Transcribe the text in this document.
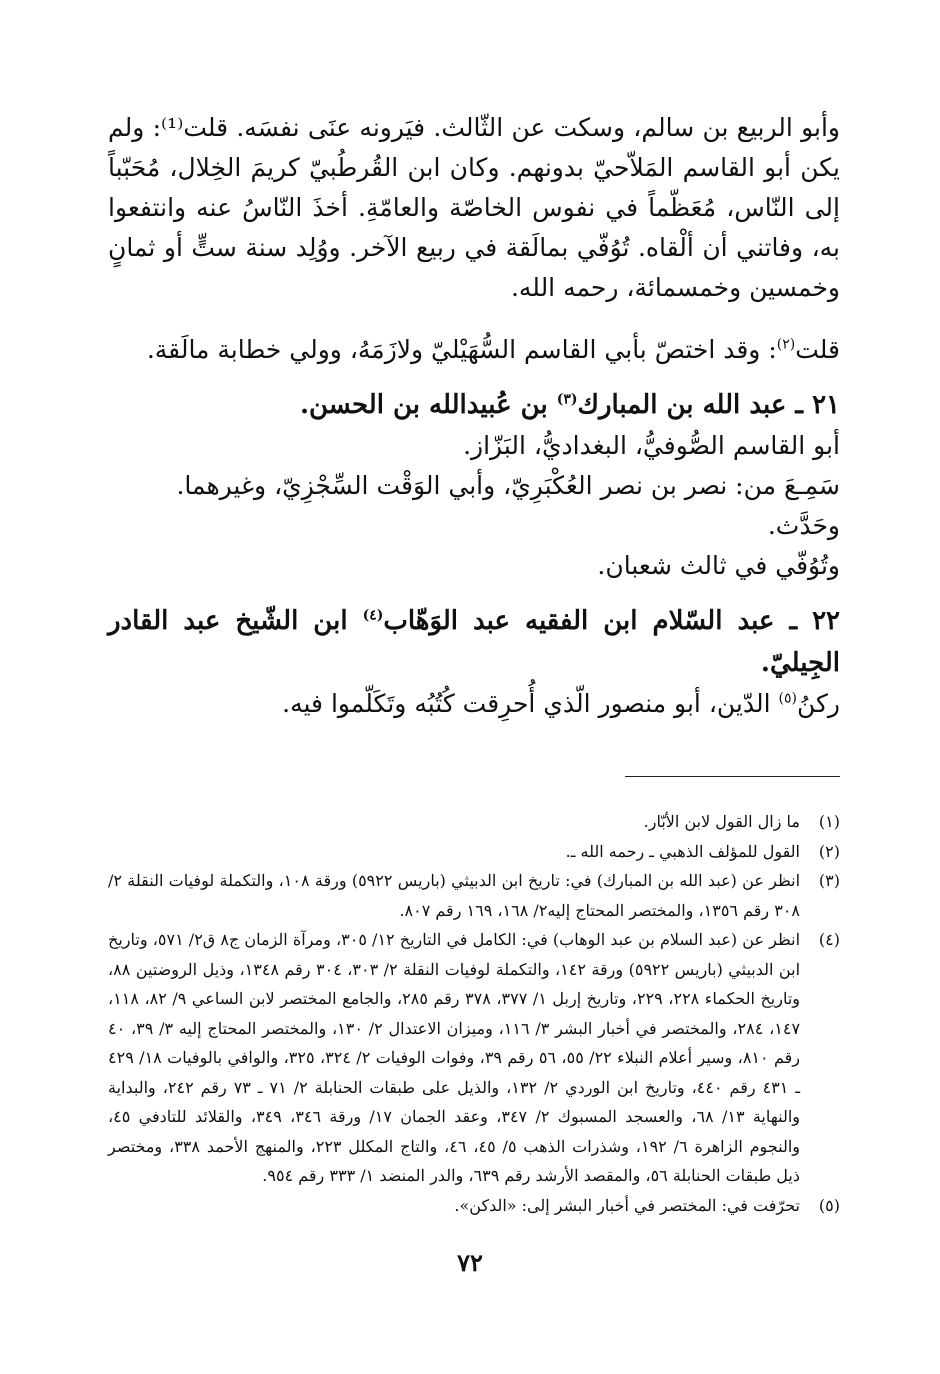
وأبو الربيع بن سالم، وسكت عن الثّالث. فيَرونه عنَى نفسَه. قلت⁽¹⁾: ولم يكن أبو القاسم المَلاّحيّ بدونهم. وكان ابن القُرطُبيّ كريمَ الخِلال، مُحَبّباً إلى النّاس، مُعَظّماً في نفوس الخاصّة والعامّةِ. أخذَ النّاسُ عنه وانتفعوا به، وفاتني أن ألْقاه. تُوُفّي بمالَقة في ربيع الآخر. ووُلِد سنة ستٍّ أو ثمانٍ وخمسين وخمسمائة، رحمه الله.

قلت$^{(٢)}$: وقد اختصّ بأبي القاسم السُّهَيْليّ ولازَمَهُ، وولي خطابة مالَقة.

٢١ ـ عبد الله بن المبارك$^{(٣)}$ بن عُبيدالله بن الحسن.

أبو القاسم الصُّوفيُّ، البغداديُّ، البَزّاز.

سَمِـعَ من: نصر بن نصر العُكْبَرِيّ، وأبي الوَقْت السِّجْزِيّ، وغيرهما.

وحَدَّث.

وتُوُفّي في ثالث شعبان.

٢٢ ـ عبد السّلام ابن الفقيه عبد الوَهّاب$^{(٤)}$ ابن الشّيخ عبد القادر الجِيليّ.

ركنُ$^{(٥)}$ الدّين، أبو منصور الّذي أُحرِقت كُتُبُه وتَكَلّموا فيه.

(١)
ما زال القول لابن الأبّار.
(٢)
القول للمؤلف الذهبي ـ رحمه الله ـ.
(٣)
انظر عن (عبد الله بن المبارك) في: تاريخ ابن الدبيثي (باريس ٥٩٢٢) ورقة ١٠٨، والتكملة لوفيات النقلة ٢/ ٣٠٨ رقم ١٣٥٦، والمختصر المحتاج إليه٢/ ١٦٨، ١٦٩ رقم ٨٠٧.
(٤)
انظر عن (عبد السلام بن عبد الوهاب) في: الكامل في التاريخ ١٢/ ٣٠٥، ومرآة الزمان ج٨ ق٢/ ٥٧١، وتاريخ ابن الدبيثي (باريس ٥٩٢٢) ورقة ١٤٢، والتكملة لوفيات النقلة ٢/ ٣٠٣، ٣٠٤ رقم ١٣٤٨، وذيل الروضتين ٨٨، وتاريخ الحكماء ٢٢٨، ٢٢٩، وتاريخ إربل ١/ ٣٧٧، ٣٧٨ رقم ٢٨٥، والجامع المختصر لابن الساعي ٩/ ٨٢، ١١٨، ١٤٧، ٢٨٤، والمختصر في أخبار البشر ٣/ ١١٦، وميزان الاعتدال ٢/ ١٣٠، والمختصر المحتاج إليه ٣/ ٣٩، ٤٠ رقم ٨١٠، وسير أعلام النبلاء ٢٢/ ٥٥، ٥٦ رقم ٣٩، وفوات الوفيات ٢/ ٣٢٤، ٣٢٥، والوافي بالوفيات ١٨/ ٤٢٩ ـ ٤٣١ رقم ٤٤٠، وتاريخ ابن الوردي ٢/ ١٣٢، والذيل على طبقات الحنابلة ٢/ ٧١ ـ ٧٣ رقم ٢٤٢، والبداية والنهاية ١٣/ ٦٨، والعسجد المسبوك ٢/ ٣٤٧، وعقد الجمان ١٧/ ورقة ٣٤٦، ٣٤٩، والقلائد للتادفي ٤٥، والنجوم الزاهرة ٦/ ١٩٢، وشذرات الذهب ٥/ ٤٥، ٤٦، والتاج المكلل ٢٢٣، والمنهج الأحمد ٣٣٨، ومختصر ذيل طبقات الحنابلة ٥٦، والمقصد الأرشد رقم ٦٣٩، والدر المنضد ١/ ٣٣٣ رقم ٩٥٤.
(٥)
تحرّفت في: المختصر في أخبار البشر إلى: «الدكن».
٧٢
